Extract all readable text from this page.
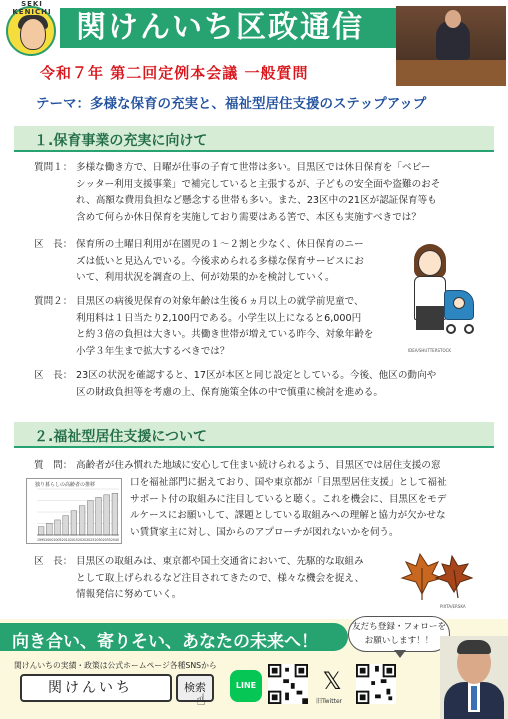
SEKI KENICHI 関けんいち区政通信
令和７年 第二回定例本会議 一般質問
テーマ：多様な保育の充実と、福祉型居住支援のステップアップ
１.保育事業の充実に向けて
質問１： 多様な働き方で、日曜が仕事の子育て世帯は多い。目黒区では休日保育を「ベビー
シッター利用支援事業」で補完していると主張するが、子どもの安全面や盗難のおそ
れ、高額な費用負担など懸念する世帯も多い。また、23区中の21区が認証保育等も
含めて何らか休日保育を実施しており需要はある筈で、本区も実施すべきでは？
区　長： 保育所の土曜日利用が在園児の１～２割と少なく、休日保育のニー
ズは低いと見込んでいる。今後求められる多様な保育サービスにお
いて、利用状況を調査の上、何が効果的かを検討していく。
質問２： 目黒区の病後児保育の対象年齢は生後６ヵ月以上の就学前児童で、
利用料は１日当たり2,100円である。小学生以上になると6,000円
と約３倍の負担は大きい。共働き世帯が増えている昨今、対象年齢を
小学３年生まで拡大するべきでは？	IDEA/SHUTTERSTOCK
区　長： 23区の状況を確認すると、17区が本区と同じ設定としている。今後、他区の動向や
区の財政負担等を考慮の上、保育施策全体の中で慎重に検討を進める。
２.福祉型居住支援について
質　問： 高齢者が住み慣れた地域に安心して住まい続けられるよう、目黒区では居住支援の窓
口を福祉部門に据えており、国や東京都が「目黒型居住支援」として福祉
サポート付の取組みに注目していると聴く。これを機会に、目黒区をモデ
ルケースにお願いして、課題としている取組みへの理解と協力が欠かせな
い賃貸家主に対し、国からのアプローチが図れないかを伺う。
独り暮らしの高齢者の推移
1995 2000 2005 2010 2015 2020 2025 2030 2035 2040
区　長： 目黒区の取組みは、東京都や国土交通省において、先駆的な取組み
として取上げられるなど注目されてきたので、様々な機会を捉え、
情報発信に努めていく。
PIXTA/ERSKA
向き合い、寄りそい、あなたの未来へ！
友だち登録・フォローを
お願いします！！
関けんいちの実績・政策は公式ホームページ各種SNSから
関けんいち	検索
☝
LINE	𝕏
旧Twitter
